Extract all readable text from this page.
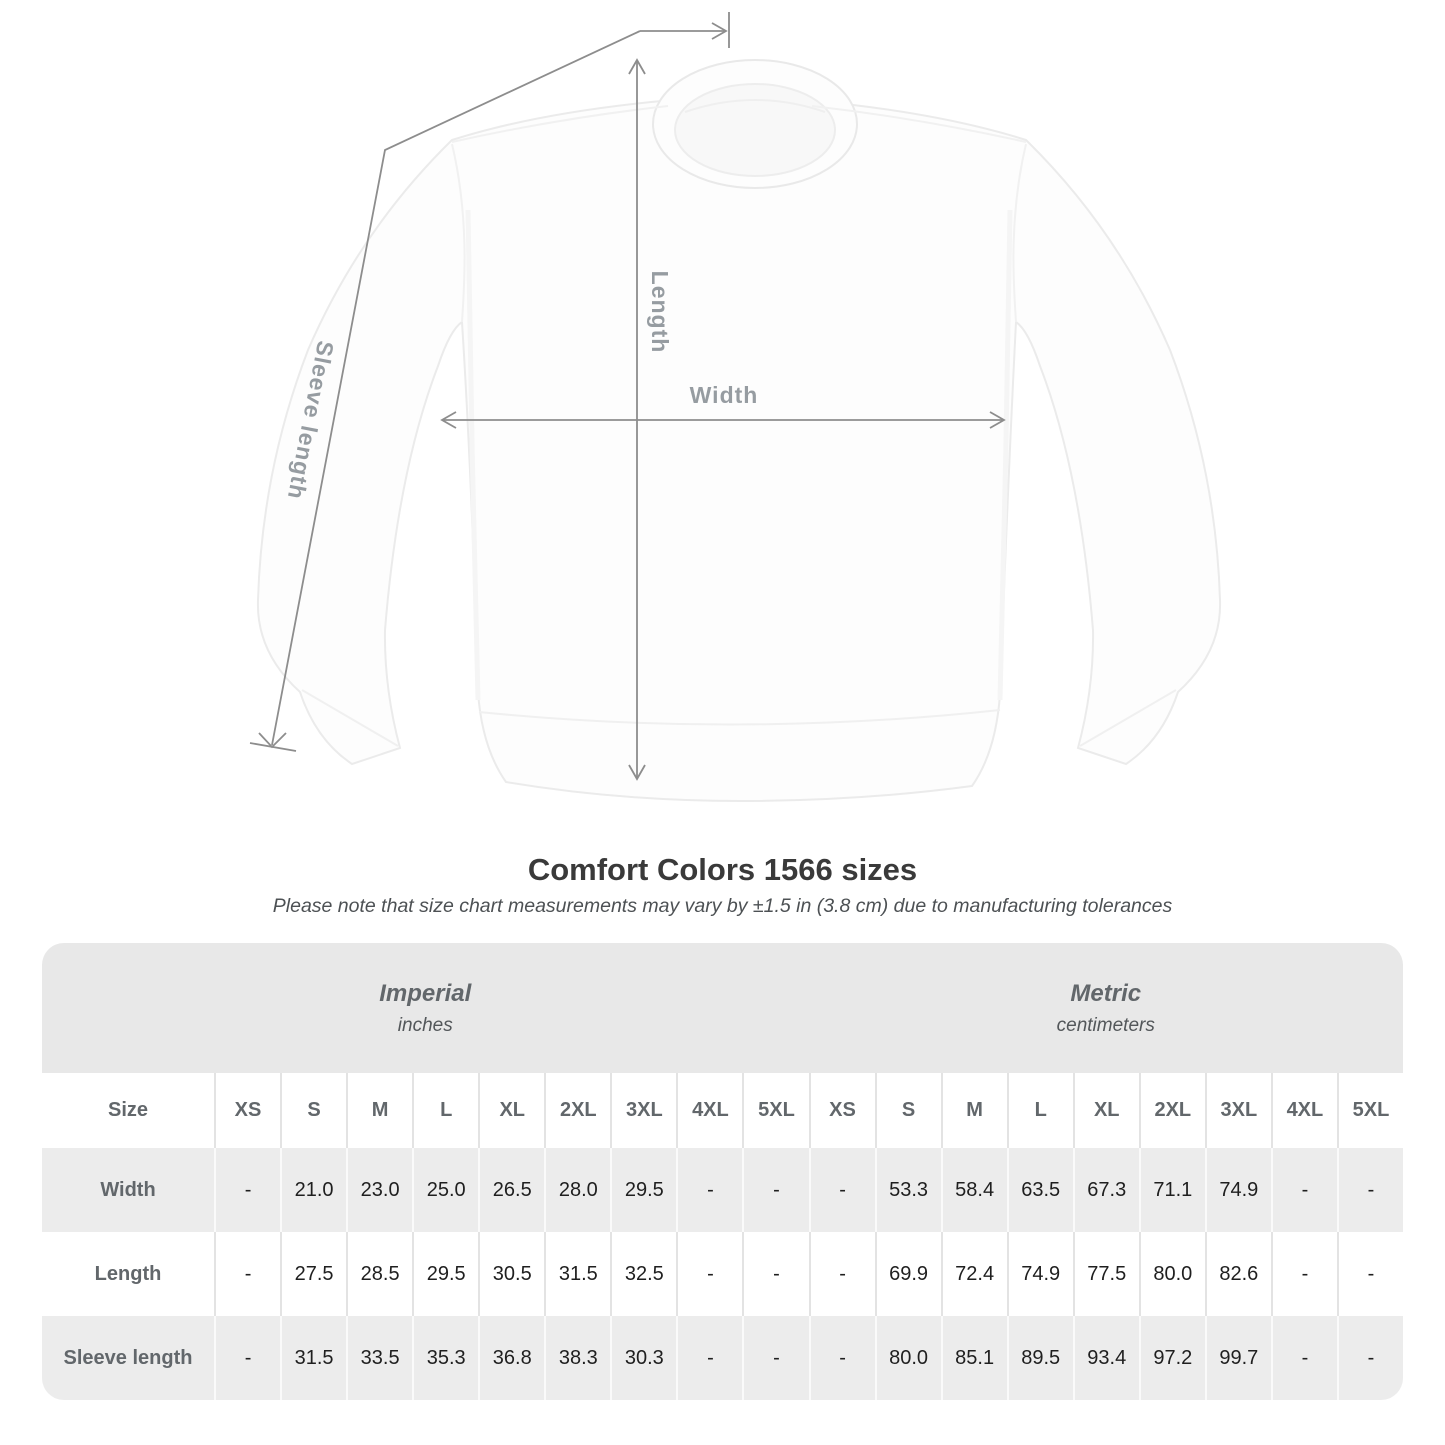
Sleeve length
Length
Width
Comfort Colors 1566 sizes
Please note that size chart measurements may vary by ±1.5 in (3.8 cm) due to manufacturing tolerances
Imperial
inches
Metric
centimeters
Size	XS	S	M	L	XL	2XL	3XL	4XL	5XL	XS	S	M	L	XL	2XL	3XL	4XL	5XL
Width	-	21.0	23.0	25.0	26.5	28.0	29.5	-	-	-	53.3	58.4	63.5	67.3	71.1	74.9	-	-
Length	-	27.5	28.5	29.5	30.5	31.5	32.5	-	-	-	69.9	72.4	74.9	77.5	80.0	82.6	-	-
Sleeve length	-	31.5	33.5	35.3	36.8	38.3	30.3	-	-	-	80.0	85.1	89.5	93.4	97.2	99.7	-	-
